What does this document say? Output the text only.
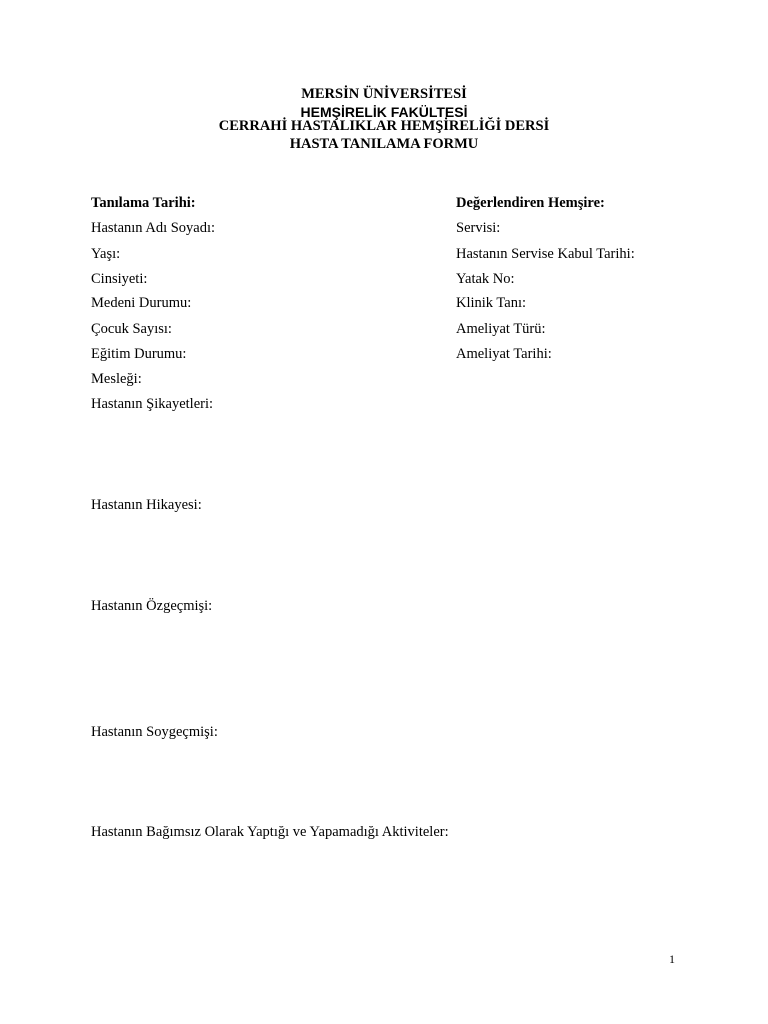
MERSİN ÜNİVERSİTESİ
HEMŞİRELİK FAKÜLTESİ
CERRAHİ HASTALIKLAR HEMŞİRELİĞİ DERSİ
HASTA TANILAMA FORMU
Tanılama Tarihi:
Hastanın Adı Soyadı:
Yaşı:
Cinsiyeti:
Medeni Durumu:
Çocuk Sayısı:
Eğitim Durumu:
Mesleği:
Hastanın Şikayetleri:
Değerlendiren Hemşire:
Servisi:
Hastanın Servise Kabul Tarihi:
Yatak No:
Klinik Tanı:
Ameliyat Türü:
Ameliyat Tarihi:
Hastanın Hikayesi:
Hastanın Özgeçmişi:
Hastanın Soygeçmişi:
Hastanın Bağımsız Olarak Yaptığı ve Yapamadığı Aktiviteler:
1
